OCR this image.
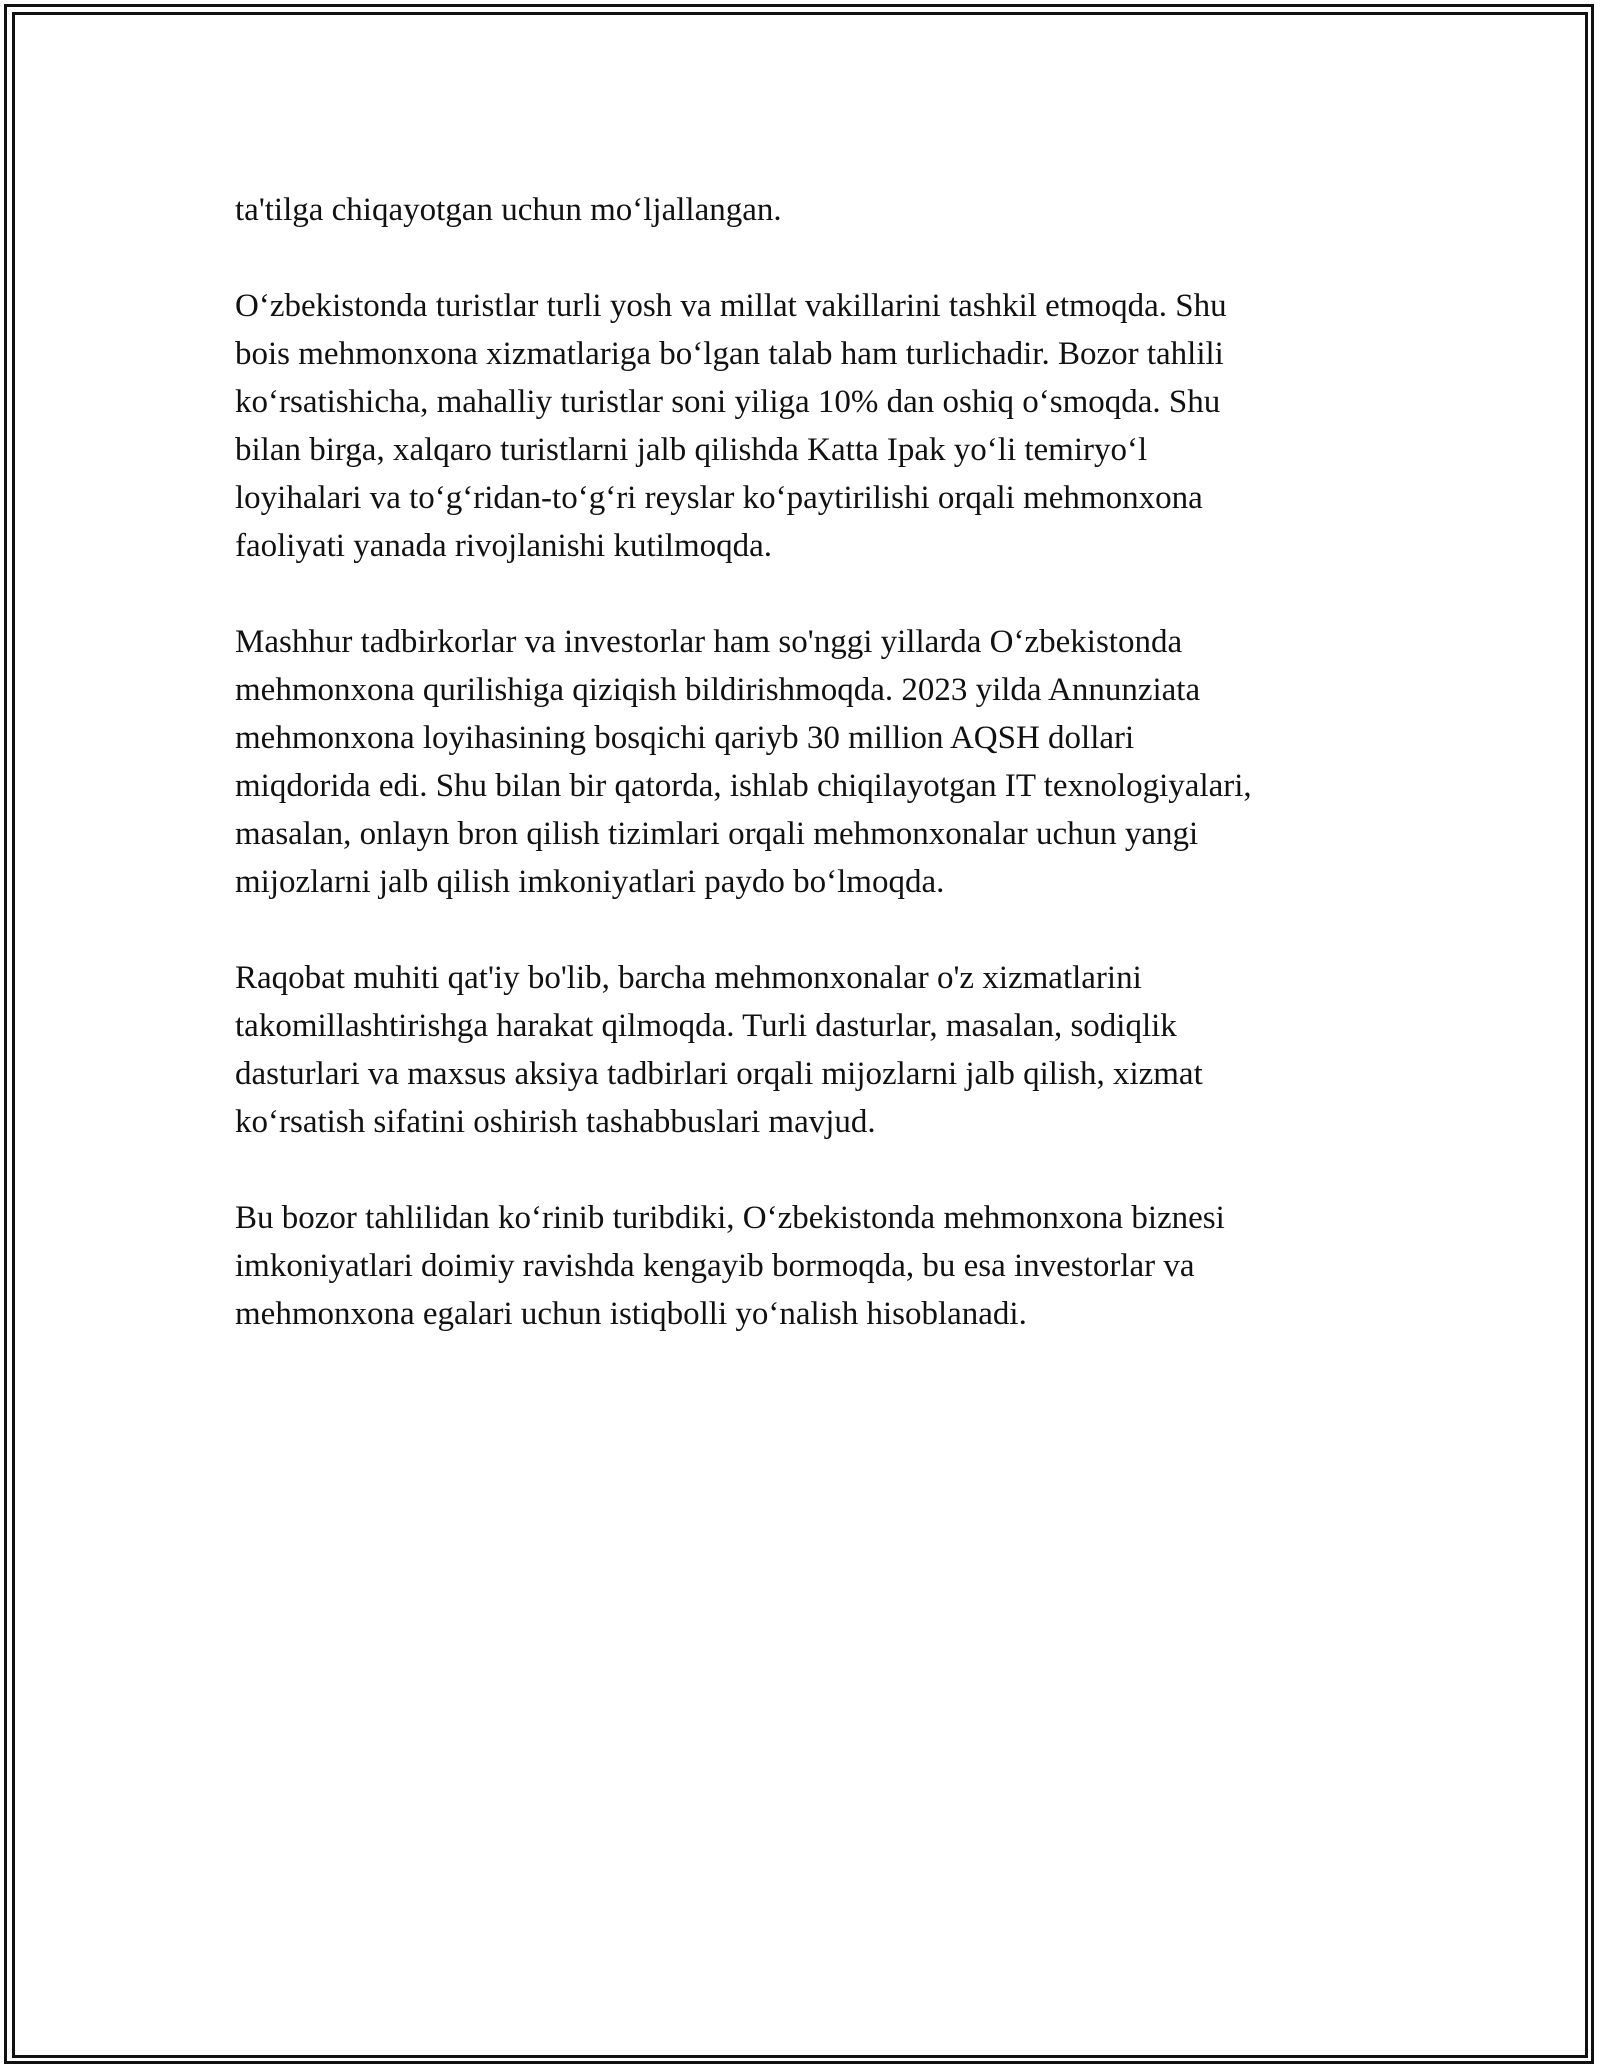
ta'tilga chiqayotgan uchun mo‘ljallangan.

O‘zbekistonda turistlar turli yosh va millat vakillarini tashkil etmoqda. Shu
bois mehmonxona xizmatlariga bo‘lgan talab ham turlichadir. Bozor tahlili
ko‘rsatishicha, mahalliy turistlar soni yiliga 10% dan oshiq o‘smoqda. Shu
bilan birga, xalqaro turistlarni jalb qilishda Katta Ipak yo‘li temiryo‘l
loyihalari va to‘g‘ridan-to‘g‘ri reyslar ko‘paytirilishi orqali mehmonxona
faoliyati yanada rivojlanishi kutilmoqda.

Mashhur tadbirkorlar va investorlar ham so'nggi yillarda O‘zbekistonda
mehmonxona qurilishiga qiziqish bildirishmoqda. 2023 yilda Annunziata
mehmonxona loyihasining bosqichi qariyb 30 million AQSH dollari
miqdorida edi. Shu bilan bir qatorda, ishlab chiqilayotgan IT texnologiyalari,
masalan, onlayn bron qilish tizimlari orqali mehmonxonalar uchun yangi
mijozlarni jalb qilish imkoniyatlari paydo bo‘lmoqda.

Raqobat muhiti qat'iy bo'lib, barcha mehmonxonalar o'z xizmatlarini
takomillashtirishga harakat qilmoqda. Turli dasturlar, masalan, sodiqlik
dasturlari va maxsus aksiya tadbirlari orqali mijozlarni jalb qilish, xizmat
ko‘rsatish sifatini oshirish tashabbuslari mavjud.

Bu bozor tahlilidan ko‘rinib turibdiki, O‘zbekistonda mehmonxona biznesi
imkoniyatlari doimiy ravishda kengayib bormoqda, bu esa investorlar va
mehmonxona egalari uchun istiqbolli yo‘nalish hisoblanadi.
